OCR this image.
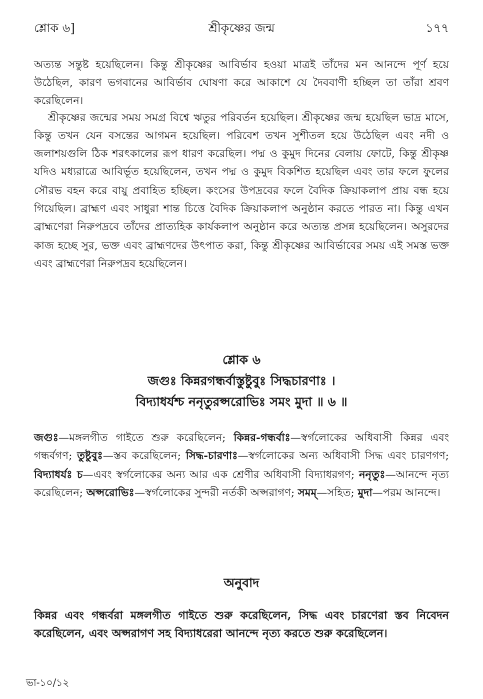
শ্লোক ৬]	শ্রীকৃষ্ণের জন্ম	১৭৭

অত্যন্ত সন্তুষ্ট হয়েছিলেন। কিন্তু শ্রীকৃষ্ণের আবির্ভাব হওয়া মাত্রই তাঁদের মন আনন্দে পূর্ণ হয়ে উঠেছিল, কারণ ভগবানের আবির্ভাব ঘোষণা করে আকাশে যে দৈববাণী হচ্ছিল তা তাঁরা শ্রবণ করেছিলেন।

শ্রীকৃষ্ণের জন্মের সময় সমগ্র বিশ্বে ঋতুর পরিবর্তন হয়েছিল। শ্রীকৃষ্ণের জন্ম হয়েছিল ভাদ্র মাসে, কিন্তু তখন যেন বসন্তের আগমন হয়েছিল। পরিবেশ তখন সুশীতল হয়ে উঠেছিল এবং নদী ও জলাশয়গুলি ঠিক শরৎকালের রূপ ধারণ করেছিল। পদ্ম ও কুমুদ দিনের বেলায় ফোটে, কিন্তু শ্রীকৃষ্ণ যদিও মধ্যরাত্রে আবির্ভূত হয়েছিলেন, তখন পদ্ম ও কুমুদ বিকশিত হয়েছিল এবং তার ফলে ফুলের সৌরভ বহন করে বায়ু প্রবাহিত হচ্ছিল। কংসের উপদ্রবের ফলে বৈদিক ক্রিয়াকলাপ প্রায় বন্ধ হয়ে গিয়েছিল। ব্রাহ্মণ এবং সাধুরা শান্ত চিত্তে বৈদিক ক্রিয়াকলাপ অনুষ্ঠান করতে পারত না। কিন্তু এখন ব্রাহ্মণেরা নিরুপদ্রবে তাঁদের প্রাত্যহিক কার্যকলাপ অনুষ্ঠান করে অত্যন্ত প্রসন্ন হয়েছিলেন। অসুরদের কাজ হচ্ছে সুর, ভক্ত এবং ব্রাহ্মণদের উৎপাত করা, কিন্তু শ্রীকৃষ্ণের আবির্ভাবের সময় এই সমস্ত ভক্ত এবং ব্রাহ্মণেরা নিরুপদ্রব হয়েছিলেন।

শ্লোক ৬
জগুঃ কিন্নরগন্ধর্বাস্তুষ্টুবুঃ সিদ্ধচারণাঃ ।
বিদ্যাধর্যশ্চ ননৃতুরপ্সরোভিঃ সমং মুদা ॥ ৬ ॥
জগুঃ—মঙ্গলগীত গাইতে শুরু করেছিলেন; কিন্নর-গন্ধর্বাঃ—স্বর্গলোকের অধিবাসী কিন্নর এবং গন্ধর্বগণ; তুষ্টুবুঃ—স্তব করেছিলেন; সিদ্ধ-চারণাঃ—স্বর্গলোকের অন্য অধিবাসী সিদ্ধ এবং চারণগণ; বিদ্যাধর্যঃ চ—এবং স্বর্গলোকের অন্য আর এক শ্রেণীর অধিবাসী বিদ্যাধরগণ; ননৃতুঃ—আনন্দে নৃত্য করেছিলেন; অপ্সরোভিঃ—স্বর্গলোকের সুন্দরী নর্তকী অপ্সরাগণ; সমম্—সহিত; মুদা—পরম আনন্দে।
অনুবাদ

কিন্নর এবং গন্ধর্বরা মঙ্গলগীত গাইতে শুরু করেছিলেন, সিদ্ধ এবং চারণেরা স্তব নিবেদন করেছিলেন, এবং অপ্সরাগণ সহ বিদ্যাধরেরা আনন্দে নৃত্য করতে শুরু করেছিলেন।

ভা-১০/১২
